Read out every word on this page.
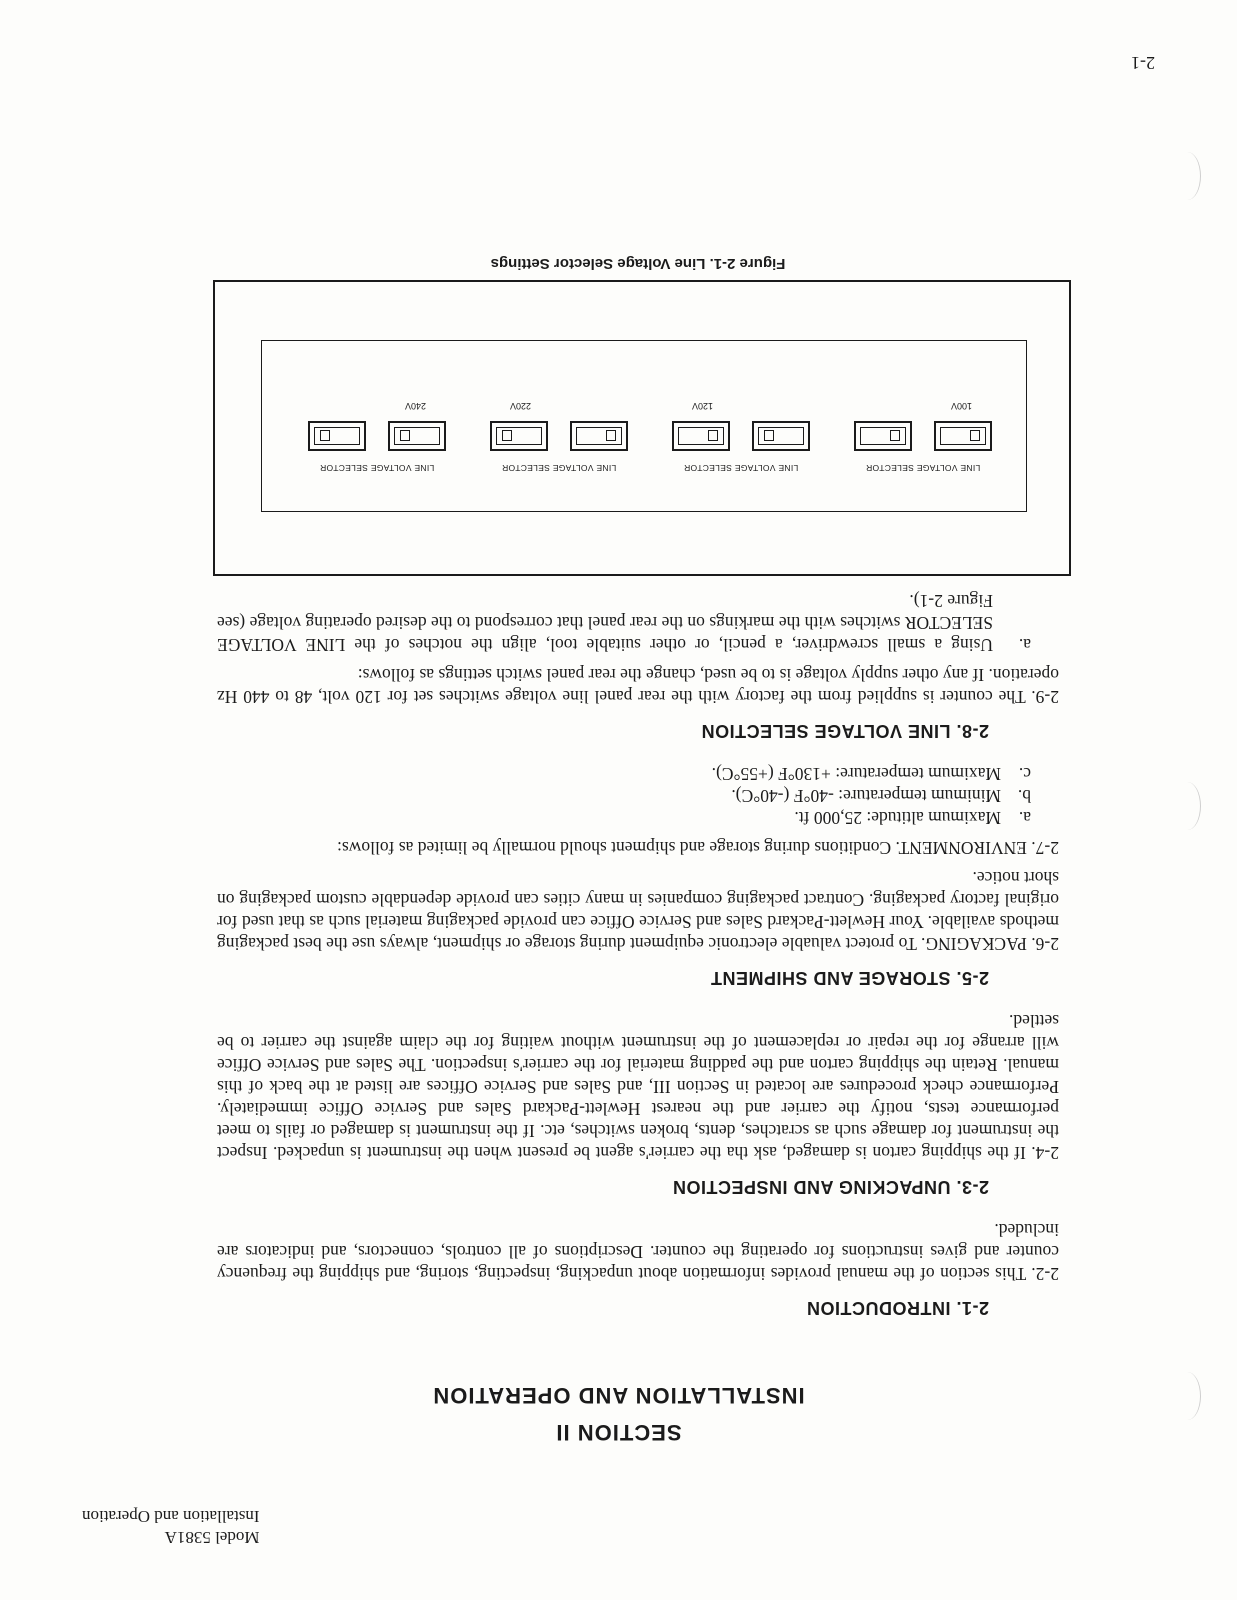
Model 5381A
Installation and Operation
SECTION II
INSTALLATION AND OPERATION
2-1. INTRODUCTION

2-2. This section of the manual provides information about unpacking, inspecting, storing, and shipping the frequency counter and gives instructions for operating the counter. Descriptions of all controls, connectors, and indicators are included.

2-3. UNPACKING AND INSPECTION

2-4. If the shipping carton is damaged, ask tha the carrier's agent be present when the instrument is unpacked. Inspect the instrument for damage such as scratches, dents, broken switches, etc. If the instrument is damaged or fails to meet performance tests, notify the carrier and the nearest Hewlett-Packard Sales and Service Office immediately. Performance check procedures are located in Section III, and Sales and Service Offices are listed at the back of this manual. Retain the shipping carton and the padding material for the carrier's inspection. The Sales and Service Office will arrange for the repair or replacement of the instrument without waiting for the claim against the carrier to be settled.

2-5. STORAGE AND SHIPMENT

2-6. PACKAGING. To protect valuable electronic equipment during storage or shipment, always use the best packaging methods available. Your Hewlett-Packard Sales and Service Office can provide packaging material such as that used for original factory packaging. Contract packaging companies in many cities can provide dependable custom packaging on short notice.

2-7. ENVIRONMENT. Conditions during storage and shipment should normally be limited as follows:

a.
Maximum altitude: 25,000 ft.
b.
Minimum temperature: -40°F (-40°C).
c.
Maximum temperature: +130°F (+55°C).
2-8. LINE VOLTAGE SELECTION

2-9. The counter is supplied from the factory with the rear panel line voltage switches set for 120 volt, 48 to 440 Hz operation. If any other supply voltage is to be used, change the rear panel switch settings as follows:

a.
Using a small screwdriver, a pencil, or other suitable tool, align the notches of the LINE VOLTAGE SELECTOR switches with the markings on the rear panel that correspond to the desired operating voltage (see Figure 2-1).
LINE VOLTAGE SELECTOR
100V
LINE VOLTAGE SELECTOR
120V
LINE VOLTAGE SELECTOR
220V
LINE VOLTAGE SELECTOR
240V
Figure 2-1. Line Voltage Selector Settings
2-1
